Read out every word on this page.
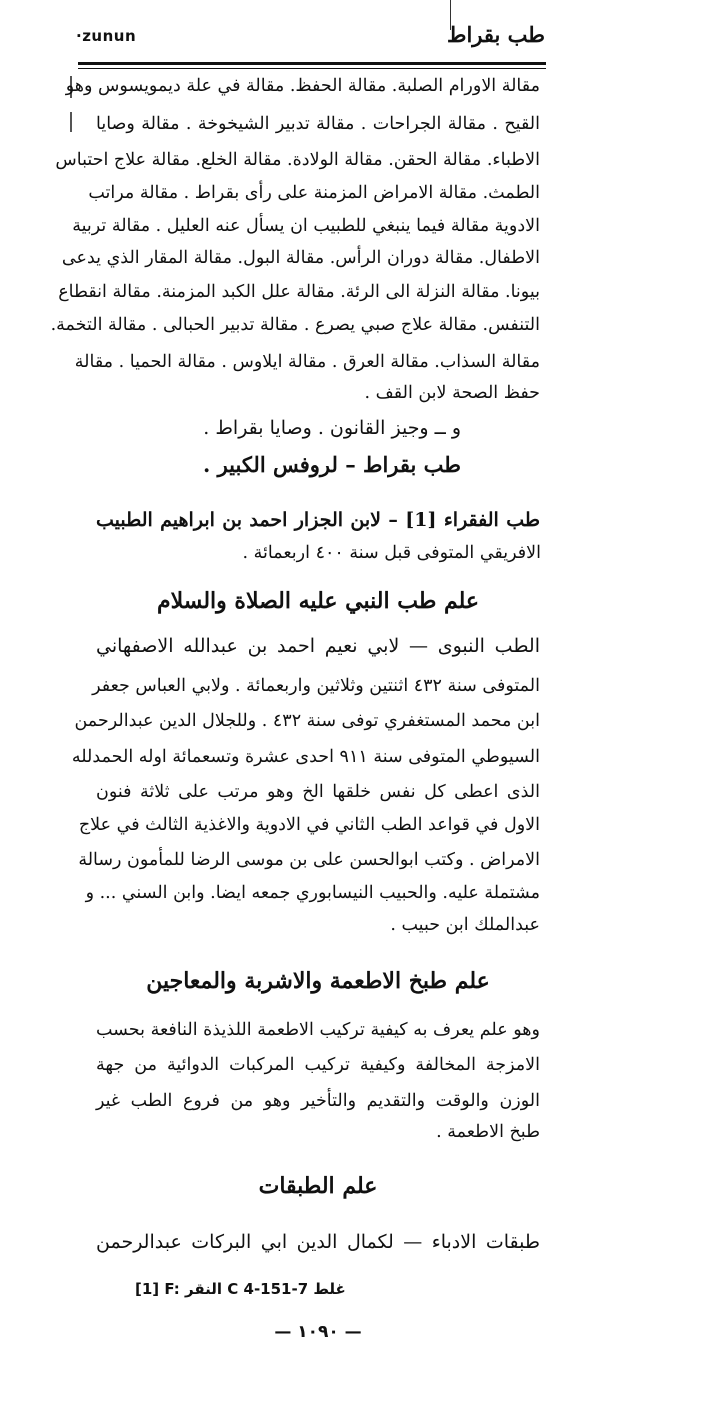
·zunun	طب بقراط
مقالة الاورام الصلبة. مقالة الحفظ. مقالة في علة ديمويسوس وهو
القيح . مقالة الجراحات . مقالة تدبير الشيخوخة . مقالة وصايا
الاطباء. مقالة الحقن. مقالة الولادة. مقالة الخلع. مقالة علاج احتباس
الطمث. مقالة الامراض المزمنة على رأى بقراط . مقالة مراتب
الادوية مقالة فيما ينبغي للطبيب ان يسأل عنه العليل . مقالة تربية
الاطفال. مقالة دوران الرأس. مقالة البول. مقالة المقار الذي يدعى
بيونا. مقالة النزلة الى الرئة. مقالة علل الكبد المزمنة. مقالة انقطاع
التنفس. مقالة علاج صبي يصرع . مقالة تدبير الحبالى . مقالة التخمة.
مقالة السذاب. مقالة العرق . مقالة ايلاوس . مقالة الحميا . مقالة
حفظ الصحة لابن القف .
و ــ وجيز القانون . وصايا بقراط .
طب بقراط – لروفس الكبير .
طب الفقراء [1] – لابن الجزار احمد بن ابراهيم الطبيب
الافريقي المتوفى قبل سنة ٤٠٠ اربعمائة .
علم طب النبي عليه الصلاة والسلام
الطب النبوى — لابي نعيم احمد بن عبدالله الاصفهاني
المتوفى سنة ٤٣٢ اثنتين وثلاثين واربعمائة . ولابي العباس جعفر
ابن محمد المستغفري توفى سنة ٤٣٢ . وللجلال الدين عبدالرحمن
السيوطي المتوفى سنة ٩١١ احدى عشرة وتسعمائة اوله الحمدلله
الذى اعطى كل نفس خلقها الخ وهو مرتب على ثلاثة فنون
الاول في قواعد الطب الثاني في الادوية والاغذية الثالث في علاج
الامراض . وكتب ابوالحسن على بن موسى الرضا للمأمون رسالة
مشتملة عليه. والحبيب النيسابوري جمعه ايضا. وابن السني ... و
عبدالملك ابن حبيب .
علم طبخ الاطعمة والاشربة والمعاجين
وهو علم يعرف به كيفية تركيب الاطعمة اللذيذة النافعة بحسب
الامزجة المخالفة وكيفية تركيب المركبات الدوائية من جهة
الوزن والوقت والتقديم والتأخير وهو من فروع الطب غير
طبخ الاطعمة .
علم الطبقات
طبقات الادباء — لكمال الدين ابي البركات عبدالرحمن
[1] F: النقر C 4-151-7 غلط
— ١٠٩٠ —
